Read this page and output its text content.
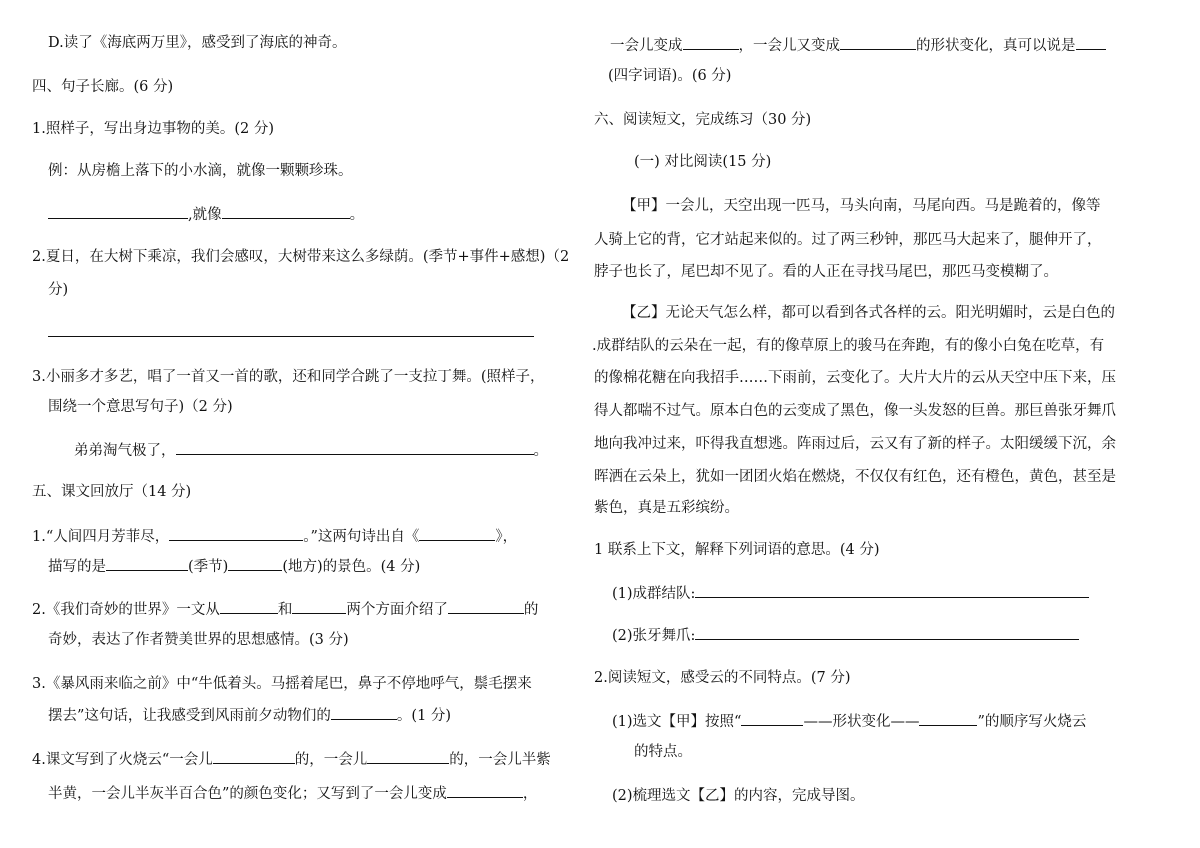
D.读了《海底两万里》，感受到了海底的神奇。
四、句子长廊。(6 分)
1.照样子，写出身边事物的美。(2 分)
例：从房檐上落下的小水滴，就像一颗颗珍珠。
,就像	。
2.夏日，在大树下乘凉，我们会感叹，大树带来这么多绿荫。(季节+事件+感想)（2
分)
3.小丽多才多艺，唱了一首又一首的歌，还和同学合跳了一支拉丁舞。(照样子，
围绕一个意思写句子)（2 分)
弟弟淘气极了，	。
五、课文回放厅（14 分)
1.“人间四月芳菲尽，	。”这两句诗出自《	》，
描写的是	(季节)	(地方)的景色。(4 分)
2.《我们奇妙的世界》一文从	和	两个方面介绍了	的
奇妙，表达了作者赞美世界的思想感情。(3 分)
3.《暴风雨来临之前》中“牛低着头。马摇着尾巴，鼻子不停地呼气，鬃毛摆来
摆去”这句话，让我感受到风雨前夕动物们的	。(1 分)
4.课文写到了火烧云“一会儿	的，一会儿	的，一会儿半紫
半黄，一会儿半灰半百合色”的颜色变化；又写到了一会儿变成	，
一会儿变成	，一会儿又变成	的形状变化，真可以说是
(四字词语)。(6 分)
六、阅读短文，完成练习（30 分)
(一) 对比阅读(15 分)
【甲】一会儿，天空出现一匹马，马头向南，马尾向西。马是跪着的，像等
人骑上它的背，它才站起来似的。过了两三秒钟，那匹马大起来了，腿伸开了，
脖子也长了，尾巴却不见了。看的人正在寻找马尾巴，那匹马变模糊了。
【乙】无论天气怎么样，都可以看到各式各样的云。阳光明媚时，云是白色的
.成群结队的云朵在一起，有的像草原上的骏马在奔跑，有的像小白兔在吃草，有
的像棉花糖在向我招手……下雨前，云变化了。大片大片的云从天空中压下来，压
得人都喘不过气。原本白色的云变成了黑色，像一头发怒的巨兽。那巨兽张牙舞爪
地向我冲过来，吓得我直想逃。阵雨过后，云又有了新的样子。太阳缓缓下沉，余
晖洒在云朵上，犹如一团团火焰在燃烧，不仅仅有红色，还有橙色，黄色，甚至是
紫色，真是五彩缤纷。
1 联系上下文，解释下列词语的意思。(4 分)
(1)成群结队:
(2)张牙舞爪:
2.阅读短文，感受云的不同特点。(7 分)
(1)选文【甲】按照“	——形状变化——	”的顺序写火烧云
的特点。
(2)梳理选文【乙】的内容，完成导图。
